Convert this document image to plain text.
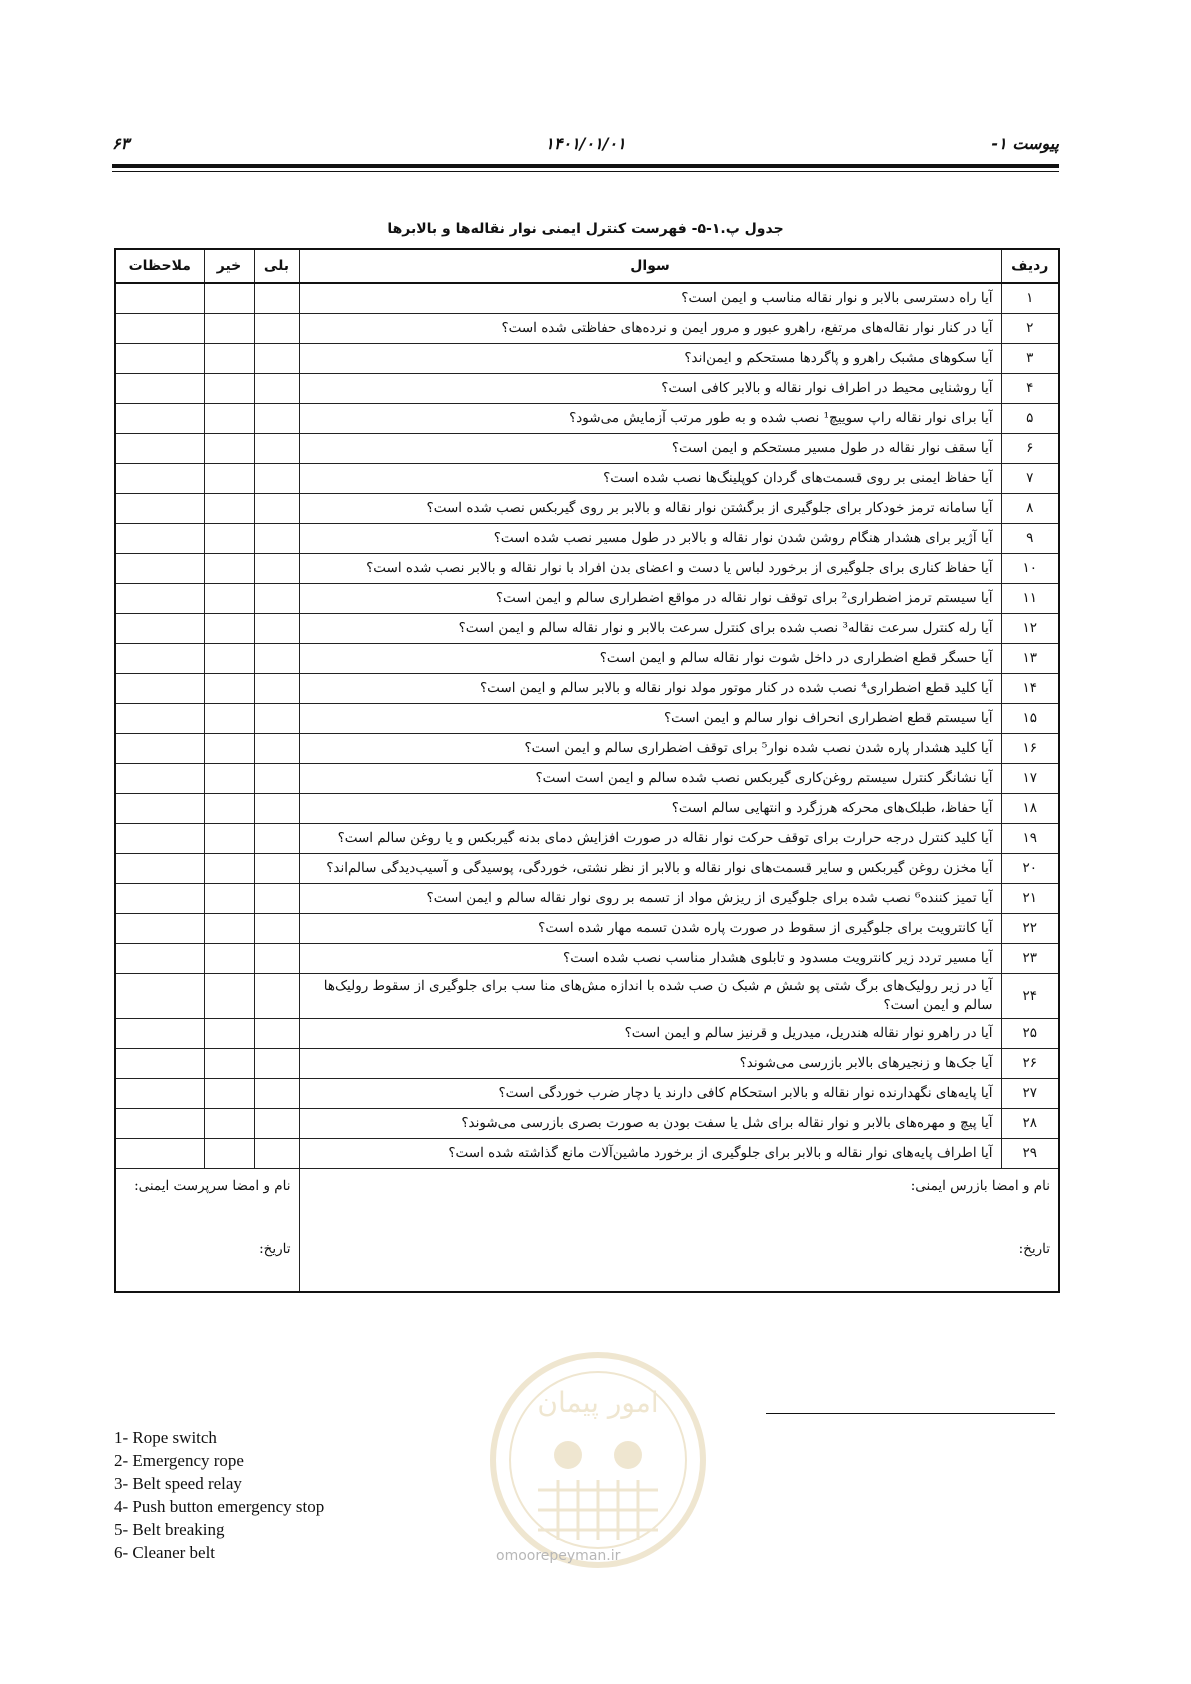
پیوست ۱-
۱۴۰۱/۰۱/۰۱
۶۳
جدول پ.۱-۵- فهرست کنترل ایمنی نوار نقاله‌ها و بالابرها
ردیف	سوال	بلی	خیر	ملاحظات
۱	آیا راه دسترسی بالابر و نوار نقاله مناسب و ایمن است؟			
۲	آیا در کنار نوار نقاله‌های مرتفع، راهرو عبور و مرور ایمن و نرده‌های حفاظتی شده است؟			
۳	آیا سکوهای مشبک راهرو و پاگردها مستحکم و ایمن‌اند؟			
۴	آیا روشنایی محیط در اطراف نوار نقاله و بالابر کافی است؟			
۵	آیا برای نوار نقاله راپ سوییچ¹ نصب شده و به طور مرتب آزمایش می‌شود؟			
۶	آیا سقف نوار نقاله در طول مسیر مستحکم و ایمن است؟			
۷	آیا حفاظ ایمنی بر روی قسمت‌های گردان کوپلینگ‌ها نصب شده است؟			
۸	آیا سامانه ترمز خودکار برای جلوگیری از برگشتن نوار نقاله و بالابر بر روی گیربکس نصب شده است؟			
۹	آیا آژیر برای هشدار هنگام روشن شدن نوار نقاله و بالابر در طول مسیر نصب شده است؟			
۱۰	آیا حفاظ کناری برای جلوگیری از برخورد لباس یا دست و اعضای بدن افراد با نوار نقاله و بالابر نصب شده است؟			
۱۱	آیا سیستم ترمز اضطراری² برای توقف نوار نقاله در مواقع اضطراری سالم و ایمن است؟			
۱۲	آیا رله کنترل سرعت نقاله³ نصب شده برای کنترل سرعت بالابر و نوار نقاله سالم و ایمن است؟			
۱۳	آیا حسگر قطع اضطراری در داخل شوت نوار نقاله سالم و ایمن است؟			
۱۴	آیا کلید قطع اضطراری⁴ نصب شده در کنار موتور مولد نوار نقاله و بالابر سالم و ایمن است؟			
۱۵	آیا سیستم قطع اضطراری انحراف نوار سالم و ایمن است؟			
۱۶	آیا کلید هشدار پاره شدن نصب شده نوار⁵ برای توقف اضطراری سالم و ایمن است؟			
۱۷	آیا نشانگر کنترل سیستم روغن‌کاری گیربکس نصب شده سالم و ایمن است است؟			
۱۸	آیا حفاظ، طبلک‌های محرکه هرزگرد و انتهایی سالم است؟			
۱۹	آیا کلید کنترل درجه حرارت برای توقف حرکت نوار نقاله در صورت افزایش دمای بدنه گیربکس و یا روغن سالم است؟			
۲۰	آیا مخزن روغن گیربکس و سایر قسمت‌های نوار نقاله و بالابر از نظر نشتی، خوردگی، پوسیدگی و آسیب‌دیدگی سالم‌اند؟			
۲۱	آیا تمیز کننده⁶ نصب شده برای جلوگیری از ریزش مواد از تسمه بر روی نوار نقاله سالم و ایمن است؟			
۲۲	آیا کانترویت برای جلوگیری از سقوط در صورت پاره شدن تسمه مهار شده است؟			
۲۳	آیا مسیر تردد زیر کانترویت مسدود و تابلوی هشدار مناسب نصب شده است؟			
۲۴	آیا در زیر رولیک‌های برگ شتی پو شش م شبک ن صب شده با اندازه مش‌های منا سب برای جلوگیری از سقوط رولیک‌ها سالم و ایمن است؟			
۲۵	آیا در راهرو نوار نقاله هندریل، میدریل و قرنیز سالم و ایمن است؟			
۲۶	آیا جک‌ها و زنجیرهای بالابر بازرسی می‌شوند؟			
۲۷	آیا پایه‌های نگهدارنده نوار نقاله و بالابر استحکام کافی دارند یا دچار ضرب خوردگی است؟			
۲۸	آیا پیچ و مهره‌های بالابر و نوار نقاله برای شل یا سفت بودن به صورت بصری بازرسی می‌شوند؟			
۲۹	آیا اطراف پایه‌های نوار نقاله و بالابر برای جلوگیری از برخورد ماشین‌آلات مانع گذاشته شده است؟			

نام و امضا بازرس ایمنی:
تاریخ:		نام و امضا سرپرست ایمنی:
تاریخ:		
1- Rope switch
2- Emergency rope
3- Belt speed relay
4- Push button emergency stop
5- Belt breaking
6- Cleaner belt
امور پیمان
omoorepeyman.ir
